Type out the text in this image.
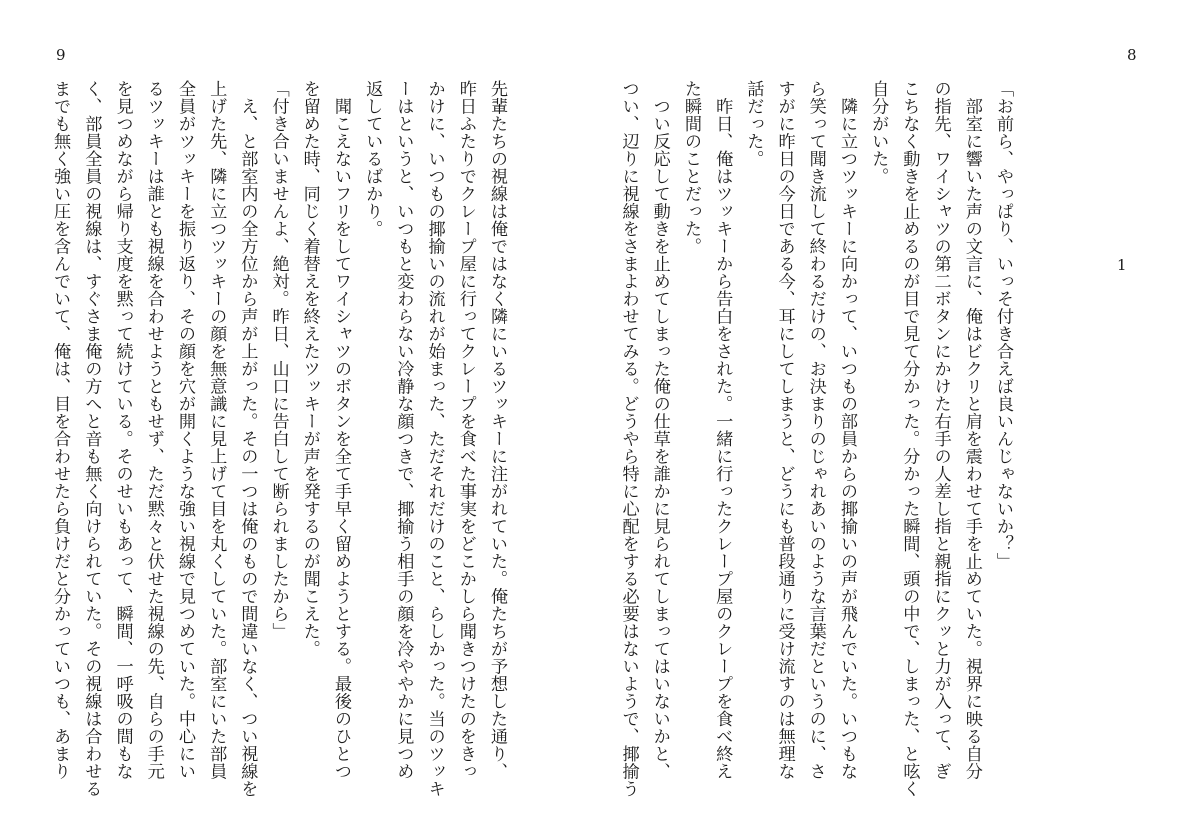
9	8
1
「お前ら、やっぱり、いっそ付き合えば良いんじゃないか？」
　部室に響いた声の文言に、俺はビクリと肩を震わせて手を止めていた。視界に映る自分
の指先、ワイシャツの第二ボタンにかけた右手の人差し指と親指にクッと力が入って、ぎ
こちなく動きを止めるのが目で見て分かった。分かった瞬間、頭の中で、しまった、と呟く
自分がいた。
　隣に立つツッキーに向かって、いつもの部員からの揶揄いの声が飛んでいた。いつもな
ら笑って聞き流して終わるだけの、お決まりのじゃれあいのような言葉だというのに、さ
すがに昨日の今日である今、耳にしてしまうと、どうにも普段通りに受け流すのは無理な
話だった。
　昨日、俺はツッキーから告白をされた。一緒に行ったクレープ屋のクレープを食べ終え
た瞬間のことだった。
　つい反応して動きを止めてしまった俺の仕草を誰かに見られてしまってはいないかと、
つい、辺りに視線をさまよわせてみる。どうやら特に心配をする必要はないようで、揶揄う
先輩たちの視線は俺ではなく隣にいるツッキーに注がれていた。俺たちが予想した通り、
昨日ふたりでクレープ屋に行ってクレープを食べた事実をどこかしら聞きつけたのをきっ
かけに、いつもの揶揄いの流れが始まった、ただそれだけのこと、らしかった。当のツッキ
ーはというと、いつもと変わらない冷静な顔つきで、揶揄う相手の顔を冷ややかに見つめ
返しているばかり。
　聞こえないフリをしてワイシャツのボタンを全て手早く留めようとする。最後のひとつ
を留めた時、同じく着替えを終えたツッキーが声を発するのが聞こえた。
「付き合いませんよ、絶対。昨日、山口に告白して断られましたから」
　え、と部室内の全方位から声が上がった。その一つは俺のもので間違いなく、つい視線を
上げた先、隣に立つツッキーの顔を無意識に見上げて目を丸くしていた。部室にいた部員
全員がツッキーを振り返り、その顔を穴が開くような強い視線で見つめていた。中心にい
るツッキーは誰とも視線を合わせようともせず、ただ黙々と伏せた視線の先、自らの手元
を見つめながら帰り支度を黙って続けている。そのせいもあって、瞬間、一呼吸の間もな
く、部員全員の視線は、すぐさま俺の方へと音も無く向けられていた。その視線は合わせる
までも無く強い圧を含んでいて、俺は、目を合わせたら負けだと分かっていつも、あまり
